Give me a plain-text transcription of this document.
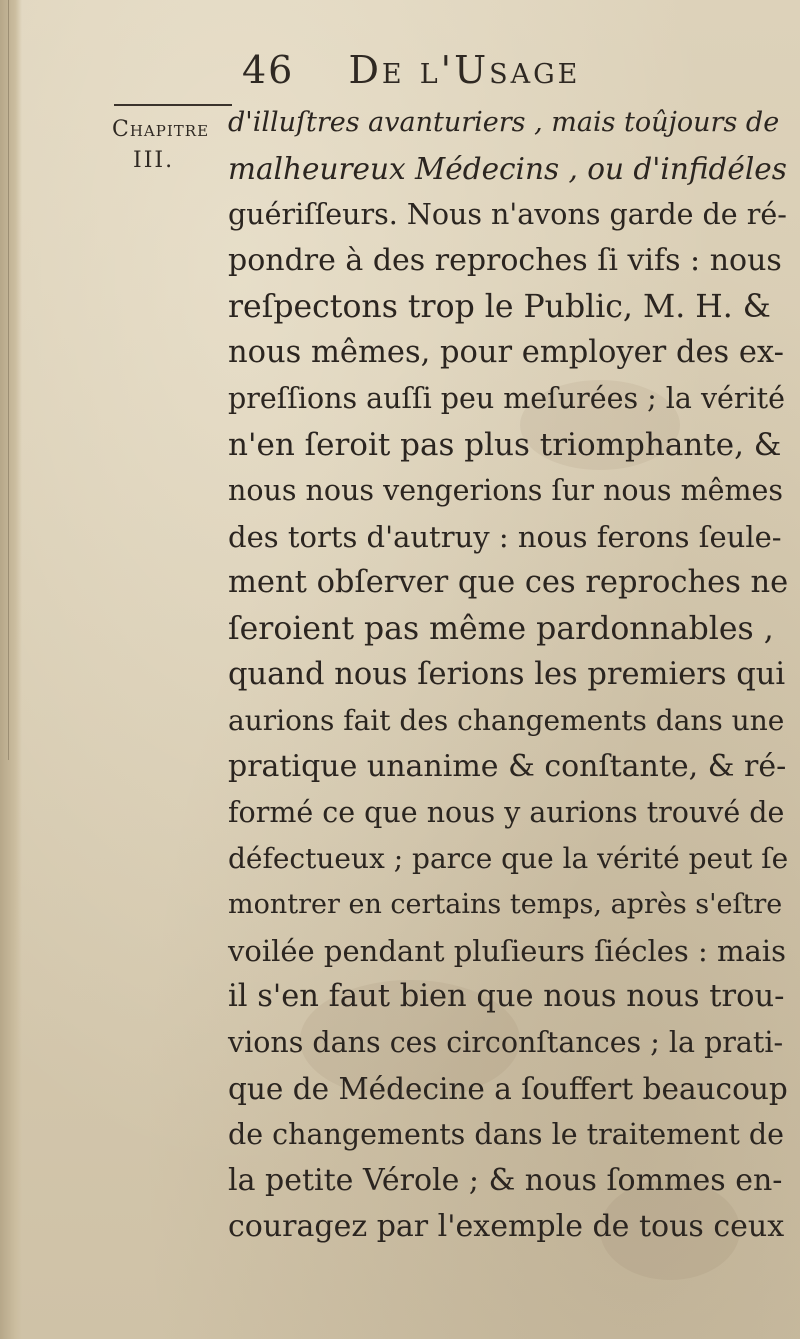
46 De l'Usage
Chapitre
III.
d'illuſtres avanturiers , mais toûjours de
malheureux Médecins , ou d'infidéles
guériſſeurs. Nous n'avons garde de ré-
pondre à des reproches ſi vifs : nous
reſpectons trop le Public, M. H. &
nous mêmes, pour employer des ex-
preſſions auſſi peu meſurées ; la vérité
n'en ſeroit pas plus triomphante, &
nous nous vengerions ſur nous mêmes
des torts d'autruy : nous ferons ſeule-
ment obſerver que ces reproches ne
ſeroient pas même pardonnables ,
quand nous ſerions les premiers qui
aurions fait des changements dans une
pratique unanime & conſtante, & ré-
formé ce que nous y aurions trouvé de
défectueux ; parce que la vérité peut ſe
montrer en certains temps, après s'eſtre
voilée pendant pluſieurs ſiécles : mais
il s'en faut bien que nous nous trou-
vions dans ces circonſtances ; la prati-
que de Médecine a ſouffert beaucoup
de changements dans le traitement de
la petite Vérole ; & nous ſommes en-
couragez par l'exemple de tous ceux
